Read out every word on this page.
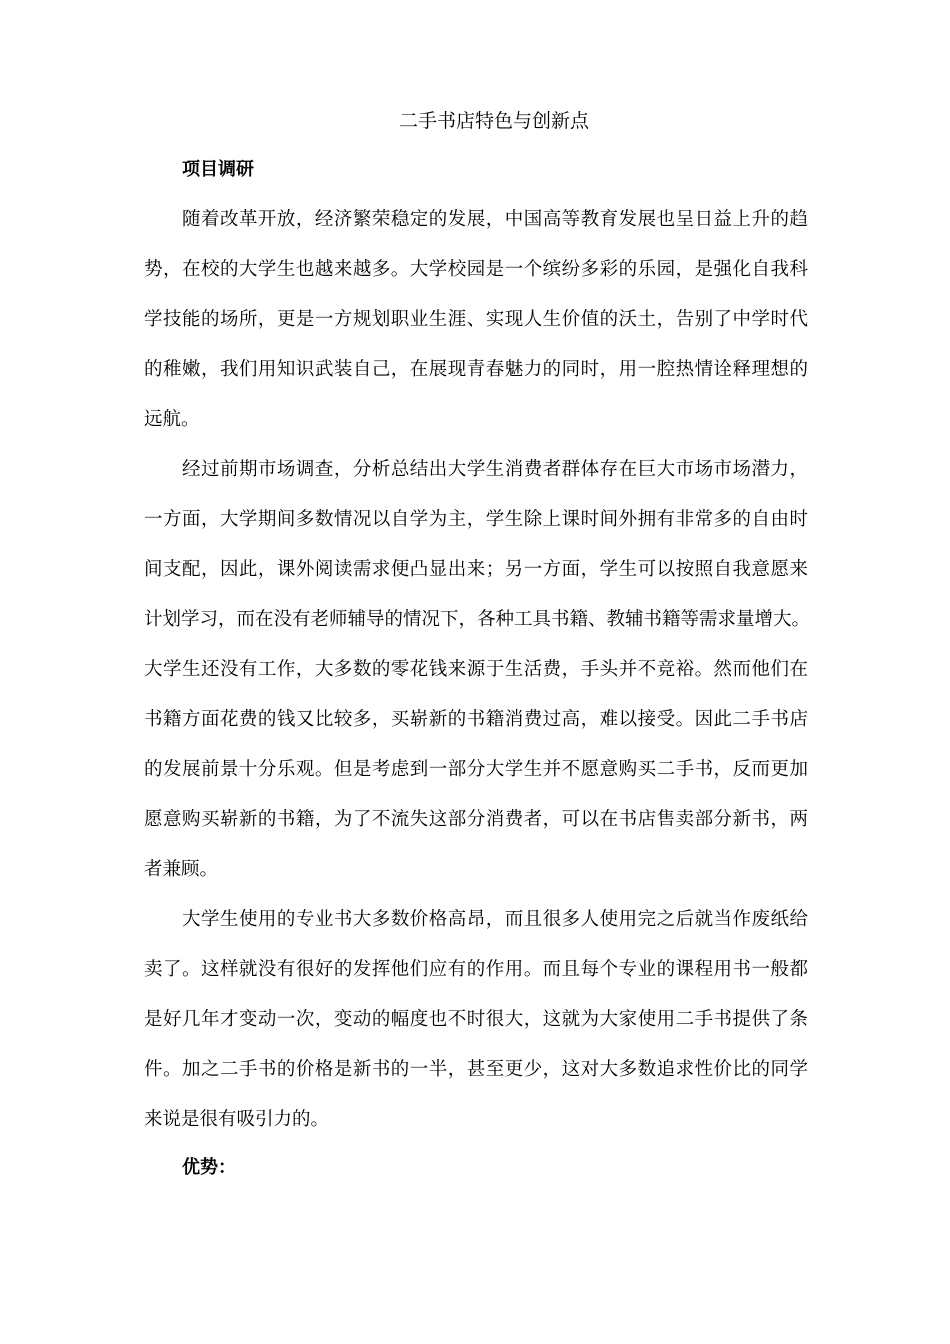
二手书店特色与创新点
项目调研
随着改革开放，经济繁荣稳定的发展，中国高等教育发展也呈日益上升的趋
势，在校的大学生也越来越多。大学校园是一个缤纷多彩的乐园，是强化自我科
学技能的场所，更是一方规划职业生涯、实现人生价值的沃土，告别了中学时代
的稚嫩，我们用知识武装自己，在展现青春魅力的同时，用一腔热情诠释理想的
远航。
经过前期市场调查，分析总结出大学生消费者群体存在巨大市场市场潜力，
一方面，大学期间多数情况以自学为主，学生除上课时间外拥有非常多的自由时
间支配，因此，课外阅读需求便凸显出来；另一方面，学生可以按照自我意愿来
计划学习，而在没有老师辅导的情况下，各种工具书籍、教辅书籍等需求量增大。
大学生还没有工作，大多数的零花钱来源于生活费，手头并不竞裕。然而他们在
书籍方面花费的钱又比较多，买崭新的书籍消费过高，难以接受。因此二手书店
的发展前景十分乐观。但是考虑到一部分大学生并不愿意购买二手书，反而更加
愿意购买崭新的书籍，为了不流失这部分消费者，可以在书店售卖部分新书，两
者兼顾。
大学生使用的专业书大多数价格高昂，而且很多人使用完之后就当作废纸给
卖了。这样就没有很好的发挥他们应有的作用。而且每个专业的课程用书一般都
是好几年才变动一次，变动的幅度也不时很大，这就为大家使用二手书提供了条
件。加之二手书的价格是新书的一半，甚至更少，这对大多数追求性价比的同学
来说是很有吸引力的。
优势：
